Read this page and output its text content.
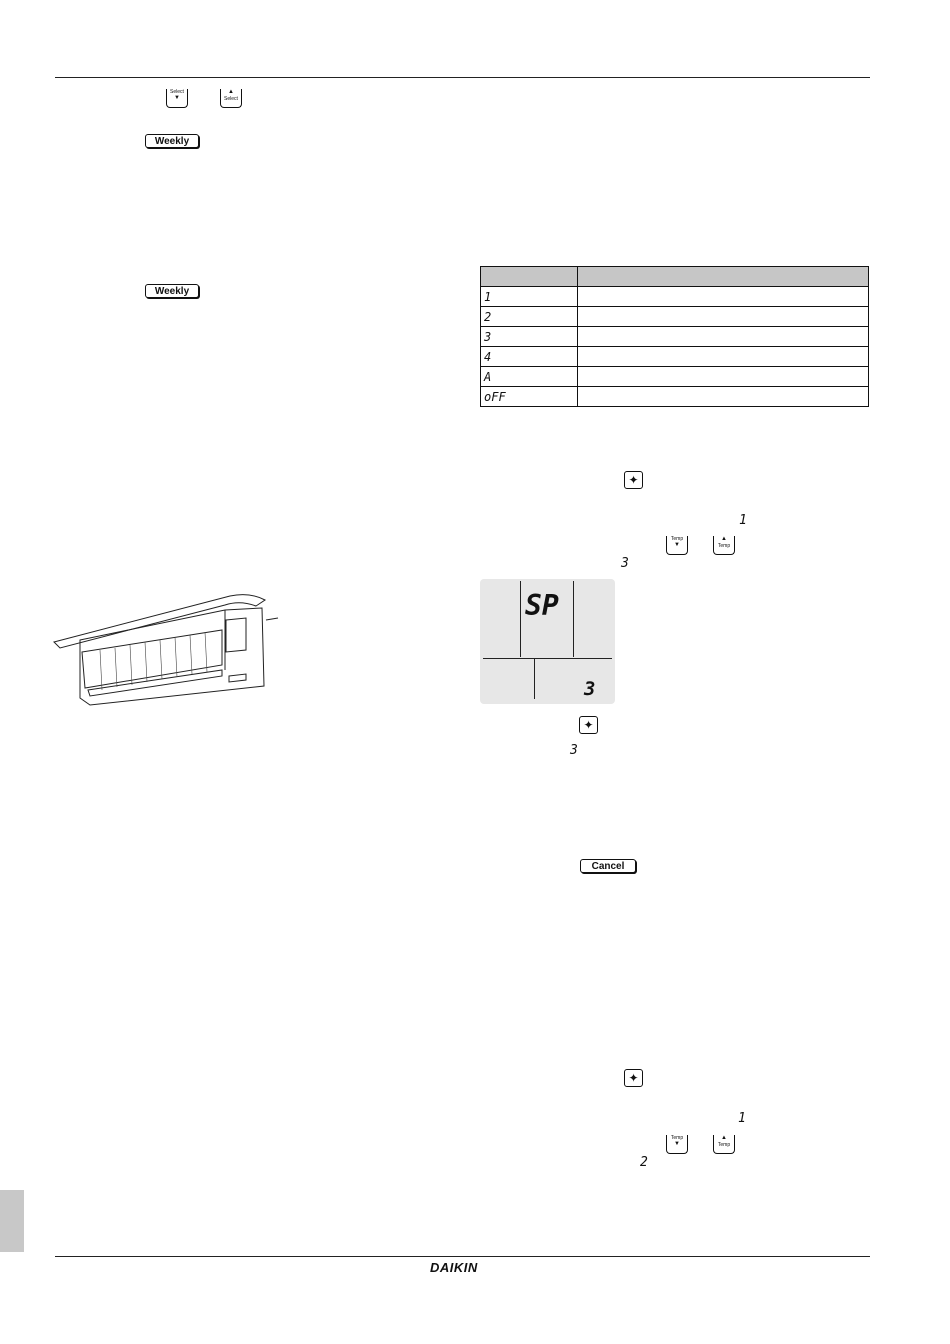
Select
▼
▲
Select
Weekly
Weekly
		1	
2	
3	
4	
A	
oFF	
✦
1
Temp
▼
▲
Temp
3
SP
3
✦
3
Cancel
✦
1
Temp
▼
▲
Temp
2
DAIKIN
